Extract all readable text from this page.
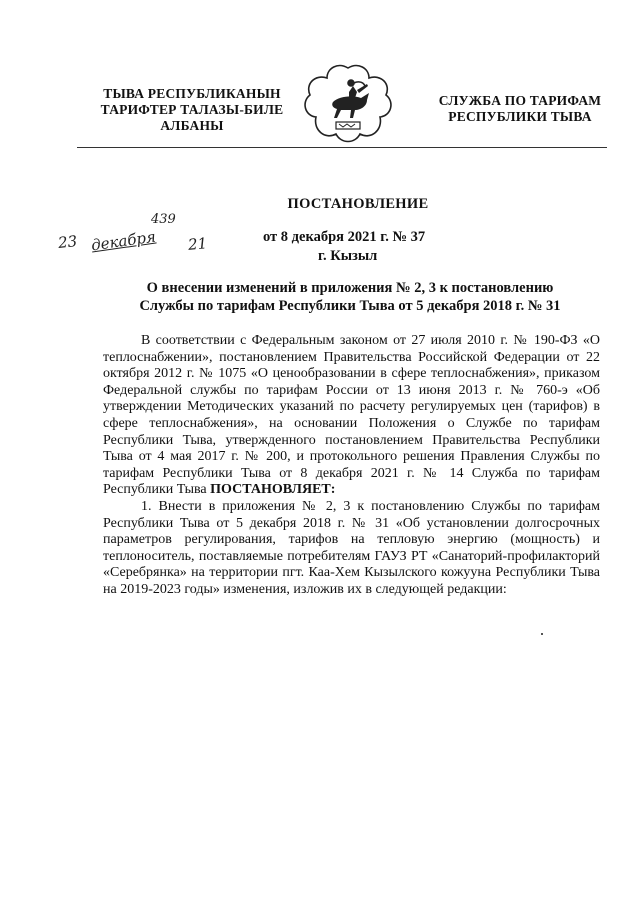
ТЫВА РЕСПУБЛИКАНЫН
ТАРИФТЕР ТАЛАЗЫ-БИЛЕ
АЛБАНЫ
СЛУЖБА ПО ТАРИФАМ
РЕСПУБЛИКИ ТЫВА
ПОСТАНОВЛЕНИЕ
439
23 декабря 21	от 8 декабря 2021 г. № 37
г. Кызыл
О внесении изменений в приложения № 2, 3 к постановлению
Службы по тарифам Республики Тыва от 5 декабря 2018 г. № 31

В соответствии с Федеральным законом от 27 июля 2010 г. № 190-ФЗ «О теплоснабжении», постановлением Правительства Российской Федерации от 22 октября 2012 г. № 1075 «О ценообразовании в сфере теплоснабжения», приказом Федеральной службы по тарифам России от 13 июня 2013 г. № 760-э «Об утверждении Методических указаний по расчету регулируемых цен (тарифов) в сфере теплоснабжения», на основании Положения о Службе по тарифам Республики Тыва, утвержденного постановлением Правительства Республики Тыва от 4 мая 2017 г. № 200, и протокольного решения Правления Службы по тарифам Республики Тыва от 8 декабря 2021 г. № 14 Служба по тарифам Республики Тыва ПОСТАНОВЛЯЕТ:

1. Внести в приложения № 2, 3 к постановлению Службы по тарифам Республики Тыва от 5 декабря 2018 г. № 31 «Об установлении долгосрочных параметров регулирования, тарифов на тепловую энергию (мощность) и теплоноситель, поставляемые потребителям ГАУЗ РТ «Санаторий-профилакторий «Серебрянка» на территории пгт. Каа-Хем Кызылского кожууна Республики Тыва на 2019-2023 годы» изменения, изложив их в следующей редакции:
